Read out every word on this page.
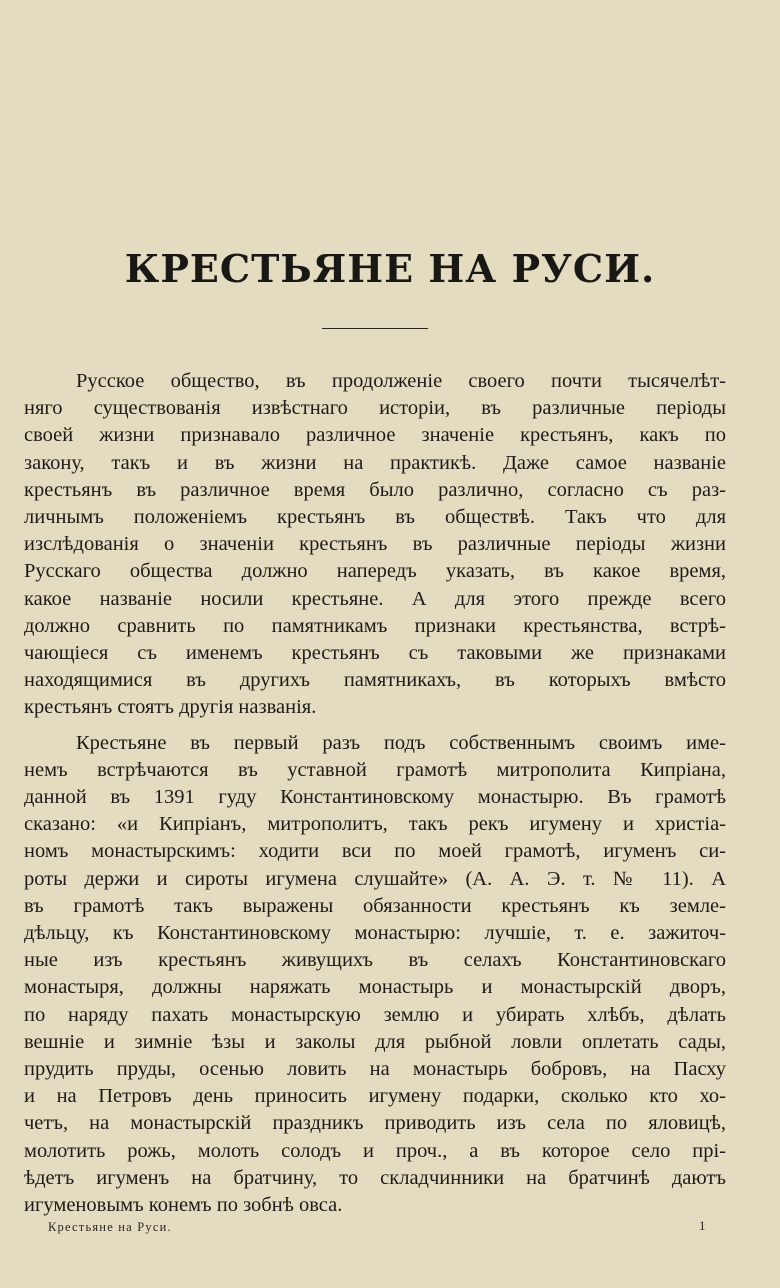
КРЕСТЬЯНЕ НА РУСИ.

Русское общество, въ продолженіе своего почти тысячелѣт-
няго существованія извѣстнаго исторіи, въ различные періоды
своей жизни признавало различное значеніе крестьянъ, какъ по
закону, такъ и въ жизни на практикѣ. Даже самое названіе
крестьянъ въ различное время было различно, согласно съ раз-
личнымъ положеніемъ крестьянъ въ обществѣ. Такъ что для
изслѣдованія о значеніи крестьянъ въ различные періоды жизни
Русскаго общества должно напередъ указать, въ какое время,
какое названіе носили крестьяне. А для этого прежде всего
должно сравнить по памятникамъ признаки крестьянства, встрѣ-
чающіеся съ именемъ крестьянъ съ таковыми же признаками
находящимися въ другихъ памятникахъ, въ которыхъ вмѣсто
крестьянъ стоятъ другія названія.

Крестьяне въ первый разъ подъ собственнымъ своимъ име-
немъ встрѣчаются въ уставной грамотѣ митрополита Кипріана,
данной въ 1391 гуду Константиновскому монастырю. Въ грамотѣ
сказано: «и Кипріанъ, митрополитъ, такъ рекъ игумену и христіа-
номъ монастырскимъ: ходити вси по моей грамотѣ, игуменъ си-
роты держи и сироты игумена слушайте» (А. А. Э. т. № 11). А
въ грамотѣ такъ выражены обязанности крестьянъ къ земле-
дѣльцу, къ Константиновскому монастырю: лучшіе, т. е. зажиточ-
ные изъ крестьянъ живущихъ въ селахъ Константиновскаго
монастыря, должны наряжать монастырь и монастырскій дворъ,
по наряду пахать монастырскую землю и убирать хлѣбъ, дѣлать
вешніе и зимніе ѣзы и заколы для рыбной ловли оплетать сады,
прудить пруды, осенью ловить на монастырь бобровъ, на Пасху
и на Петровъ день приносить игумену подарки, сколько кто хо-
четъ, на монастырскій праздникъ приводить изъ села по яловицѣ,
молотить рожь, молоть солодъ и проч., а въ которое село прі-
ѣдетъ игуменъ на братчину, то складчинники на братчинѣ даютъ
игуменовымъ конемъ по зобнѣ овса.

Крестьяне на Руси.	1
